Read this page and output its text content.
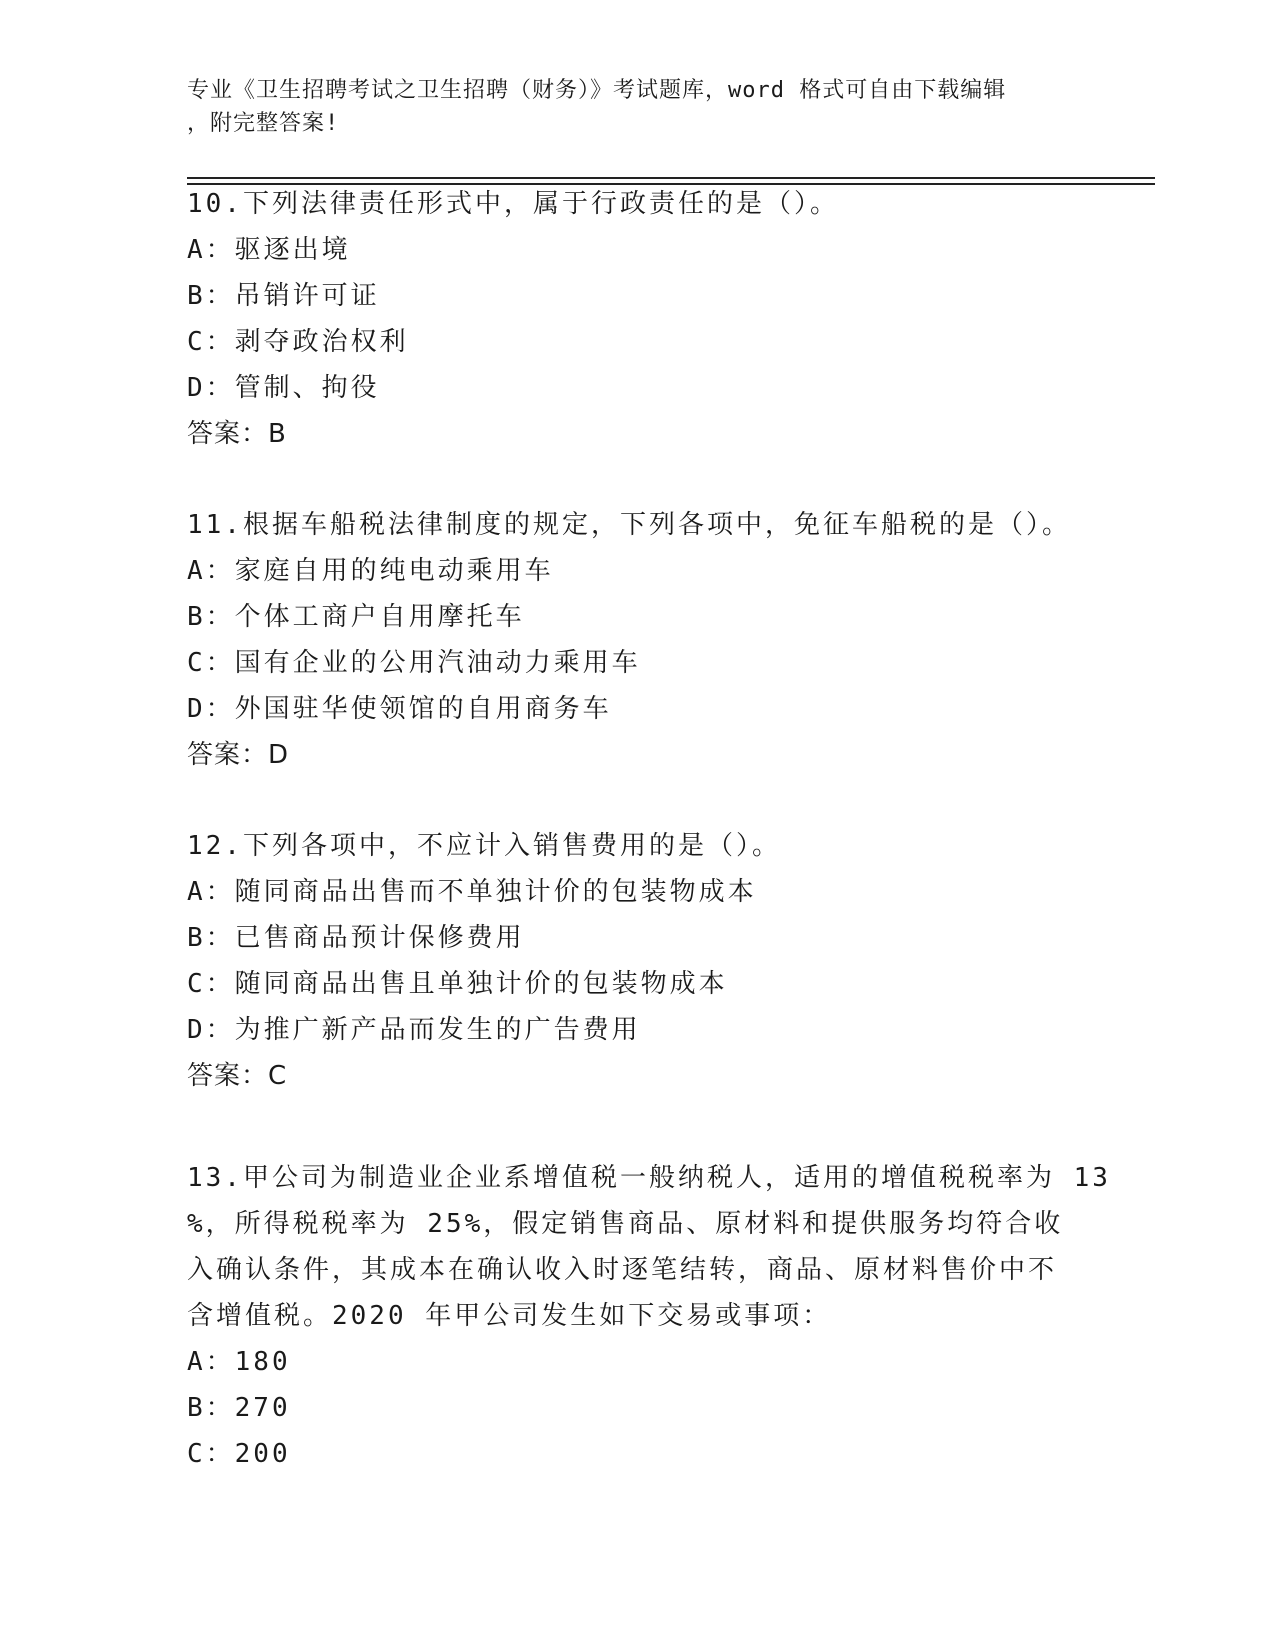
专业《卫生招聘考试之卫生招聘（财务）》考试题库，word 格式可自由下载编辑
，附完整答案!
10.下列法律责任形式中，属于行政责任的是（）。
A：驱逐出境
B：吊销许可证
C：剥夺政治权利
D：管制、拘役
答案：B
11.根据车船税法律制度的规定，下列各项中，免征车船税的是（）。
A：家庭自用的纯电动乘用车
B：个体工商户自用摩托车
C：国有企业的公用汽油动力乘用车
D：外国驻华使领馆的自用商务车
答案：D
12.下列各项中，不应计入销售费用的是（）。
A：随同商品出售而不单独计价的包装物成本
B：已售商品预计保修费用
C：随同商品出售且单独计价的包装物成本
D：为推广新产品而发生的广告费用
答案：C
13.甲公司为制造业企业系增值税一般纳税人，适用的增值税税率为 13
%，所得税税率为 25%，假定销售商品、原材料和提供服务均符合收
入确认条件，其成本在确认收入时逐笔结转，商品、原材料售价中不
含增值税。2020 年甲公司发生如下交易或事项：
A：180
B：270
C：200
